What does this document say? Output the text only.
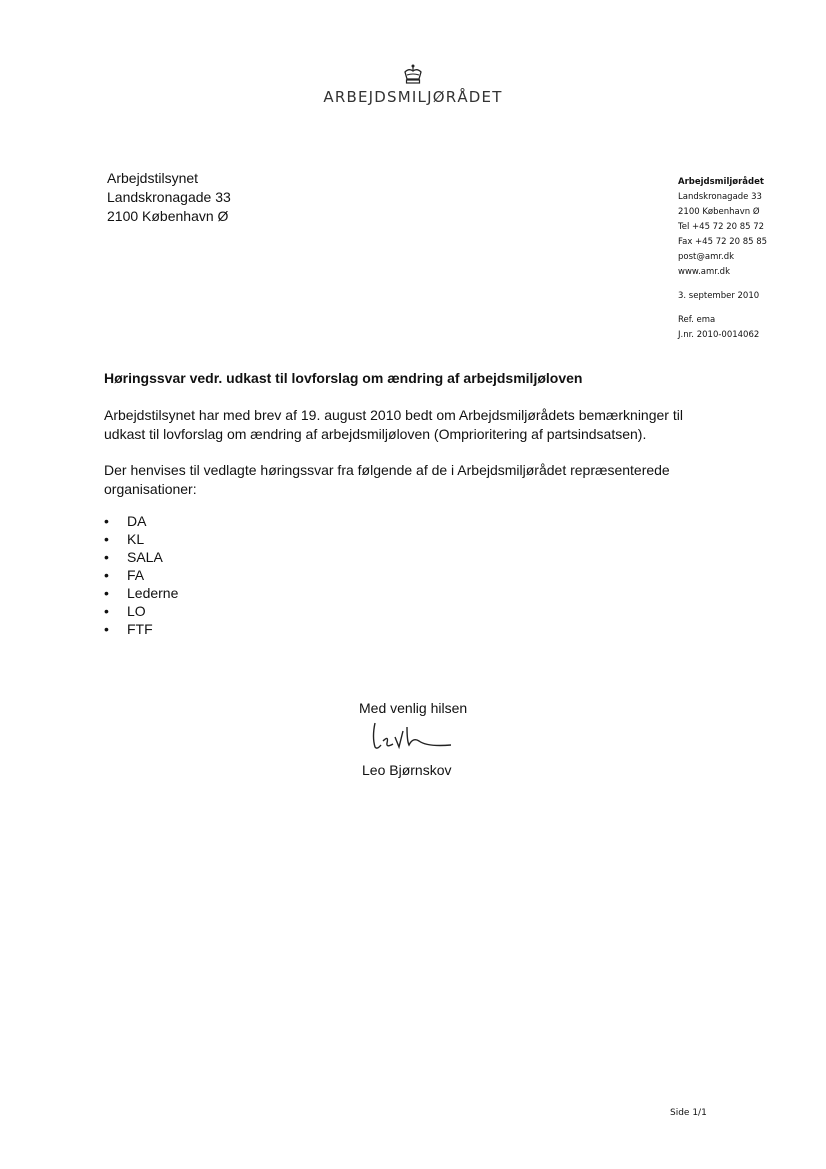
ARBEJDSMILJØRÅDET
Arbejdstilsynet
Landskronagade 33
2100 København Ø
Arbejdsmiljørådet
Landskronagade 33
2100 København Ø
Tel +45 72 20 85 72
Fax +45 72 20 85 85
post@amr.dk
www.amr.dk
3. september 2010
Ref. ema
J.nr. 2010-0014062
Høringssvar vedr. udkast til lovforslag om ændring af arbejdsmiljøloven
Arbejdstilsynet har med brev af 19. august 2010 bedt om Arbejdsmiljørådets bemærkninger til udkast til lovforslag om ændring af arbejdsmiljøloven (Omprioritering af partsindsatsen).
Der henvises til vedlagte høringssvar fra følgende af de i Arbejdsmiljørådet repræsenterede organisationer:
• DA
• KL
• SALA
• FA
• Lederne
• LO
• FTF
Med venlig hilsen
Leo Bjørnskov
Side 1/1
